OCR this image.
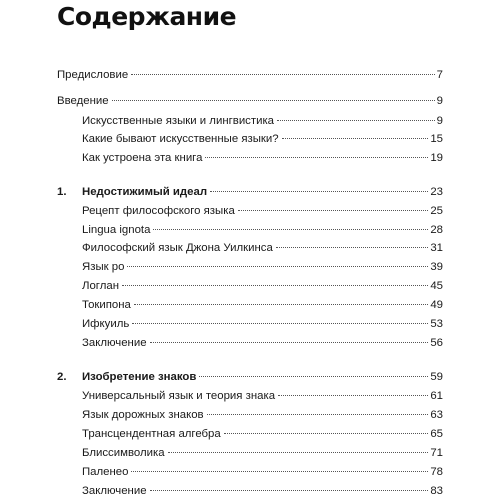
Содержание
Предисловие	7
Введение	9
Искусственные языки и лингвистика	9
Какие бывают искусственные языки?	15
Как устроена эта книга	19
1. Недостижимый идеал	23
Рецепт философского языка	25
Lingua ignota	28
Философский язык Джона Уилкинса	31
Язык ро	39
Логлан	45
Токипона	49
Ифкуиль	53
Заключение	56
2. Изобретение знаков	59
Универсальный язык и теория знака	61
Язык дорожных знаков	63
Трансцендентная алгебра	65
Блиссимволика	71
Паленео	78
Заключение	83
